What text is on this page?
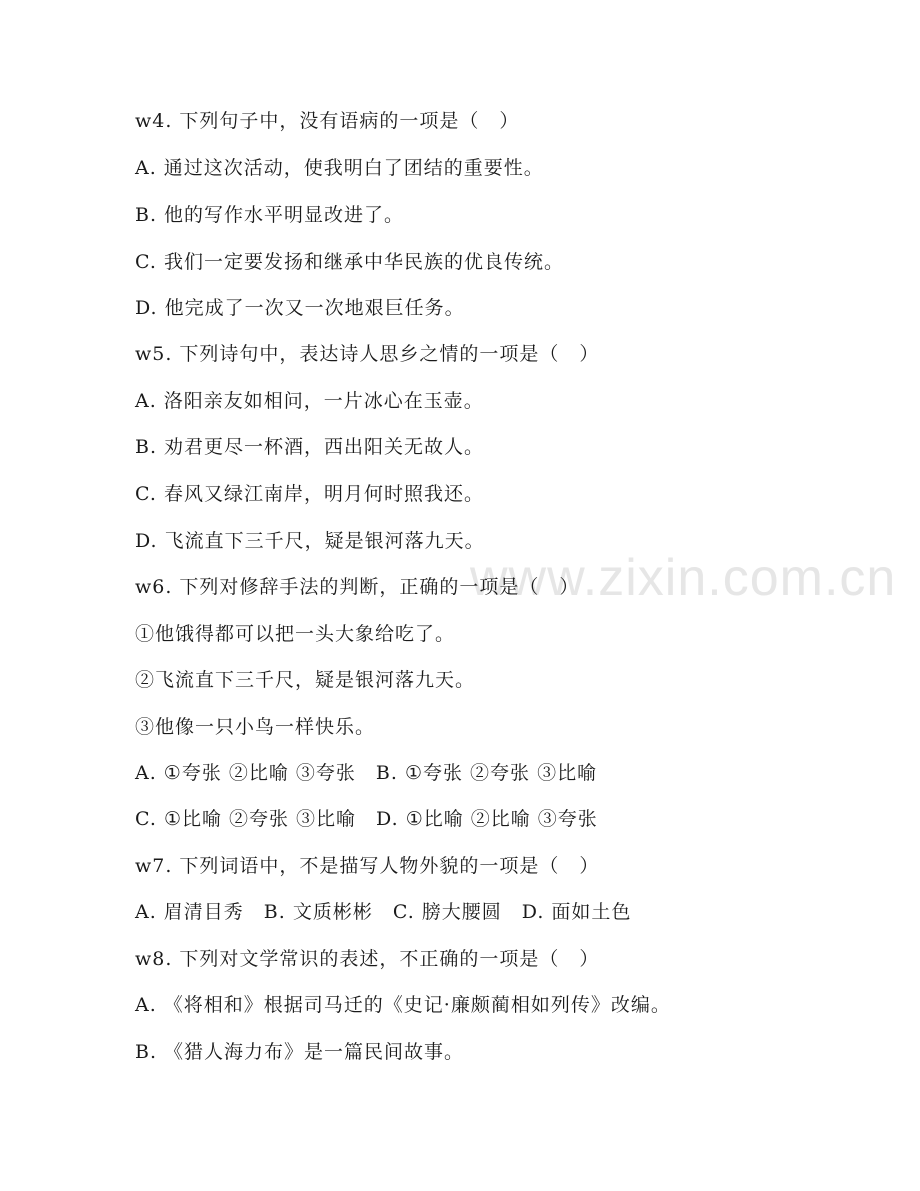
www.zixin.com.cn
w4. 下列句子中，没有语病的一项是（　）
A. 通过这次活动，使我明白了团结的重要性。
B. 他的写作水平明显改进了。
C. 我们一定要发扬和继承中华民族的优良传统。
D. 他完成了一次又一次地艰巨任务。
w5. 下列诗句中，表达诗人思乡之情的一项是（　）
A. 洛阳亲友如相问，一片冰心在玉壶。
B. 劝君更尽一杯酒，西出阳关无故人。
C. 春风又绿江南岸，明月何时照我还。
D. 飞流直下三千尺，疑是银河落九天。
w6. 下列对修辞手法的判断，正确的一项是（　）
①他饿得都可以把一头大象给吃了。
②飞流直下三千尺，疑是银河落九天。
③他像一只小鸟一样快乐。
A. ①夸张 ②比喻 ③夸张　B. ①夸张 ②夸张 ③比喻
C. ①比喻 ②夸张 ③比喻　D. ①比喻 ②比喻 ③夸张
w7. 下列词语中，不是描写人物外貌的一项是（　）
A. 眉清目秀　B. 文质彬彬　C. 膀大腰圆　D. 面如土色
w8. 下列对文学常识的表述，不正确的一项是（　）
A. 《将相和》根据司马迁的《史记·廉颇蔺相如列传》改编。
B. 《猎人海力布》是一篇民间故事。
